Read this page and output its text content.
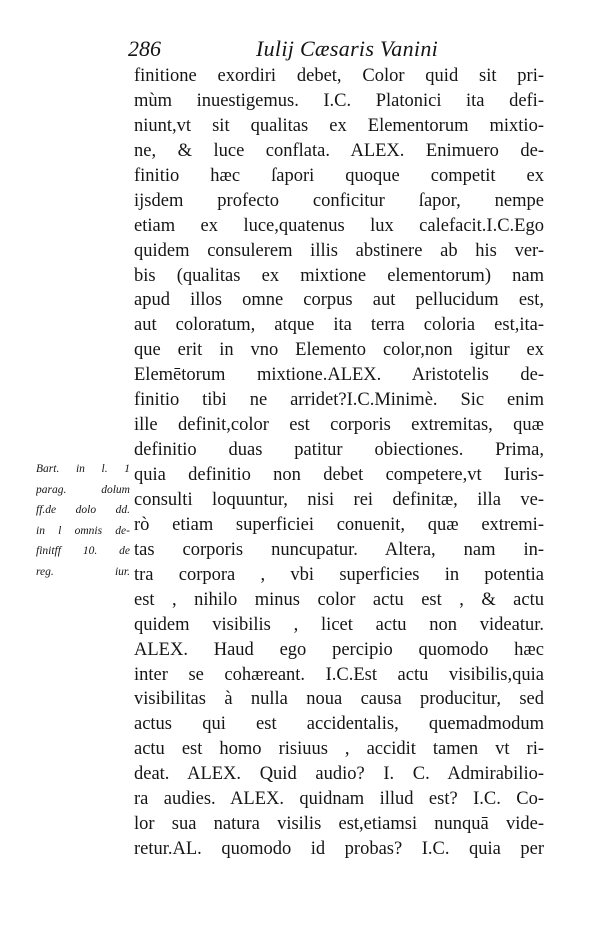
286	Iulij Cæsaris Vanini
Bart. in l. 1
parag. dolum
ff.de dolo dd.
in l omnis de-
finitff 10. de
reg. iur.
finitione exordiri debet, Color quid sit pri-
mùm inuestigemus. I.C. Platonici ita defi-
niunt,vt sit qualitas ex Elementorum mixtio-
ne, & luce conflata. ALEX. Enimuero de-
finitio hæc ſapori quoque competit ex
ijsdem profecto conficitur ſapor, nempe
etiam ex luce,quatenus lux calefacit.I.C.Ego
quidem consulerem illis abstinere ab his ver-
bis (qualitas ex mixtione elementorum) nam
apud illos omne corpus aut pellucidum est,
aut coloratum, atque ita terra coloria est,ita-
que erit in vno Elemento color,non igitur ex
Elemētorum mixtione.ALEX. Aristotelis de-
finitio tibi ne arridet?I.C.Minimè. Sic enim
ille definit,color est corporis extremitas, quæ
definitio duas patitur obiectiones. Prima,
quia definitio non debet competere,vt Iuris-
consulti loquuntur, nisi rei definitæ, illa ve-
rò etiam superficiei conuenit, quæ extremi-
tas corporis nuncupatur. Altera, nam in-
tra corpora , vbi superficies in potentia
est , nihilo minus color actu est , & actu
quidem visibilis , licet actu non videatur.
ALEX. Haud ego percipio quomodo hæc
inter se cohæreant. I.C.Est actu visibilis,quia
visibilitas à nulla noua causa producitur, sed
actus qui est accidentalis, quemadmodum
actu est homo risiuus , accidit tamen vt ri-
deat. ALEX. Quid audio? I. C. Admirabilio-
ra audies. ALEX. quidnam illud est? I.C. Co-
lor sua natura visilis est,etiamsi nunquā vide-
retur.AL. quomodo id probas? I.C. quia per
